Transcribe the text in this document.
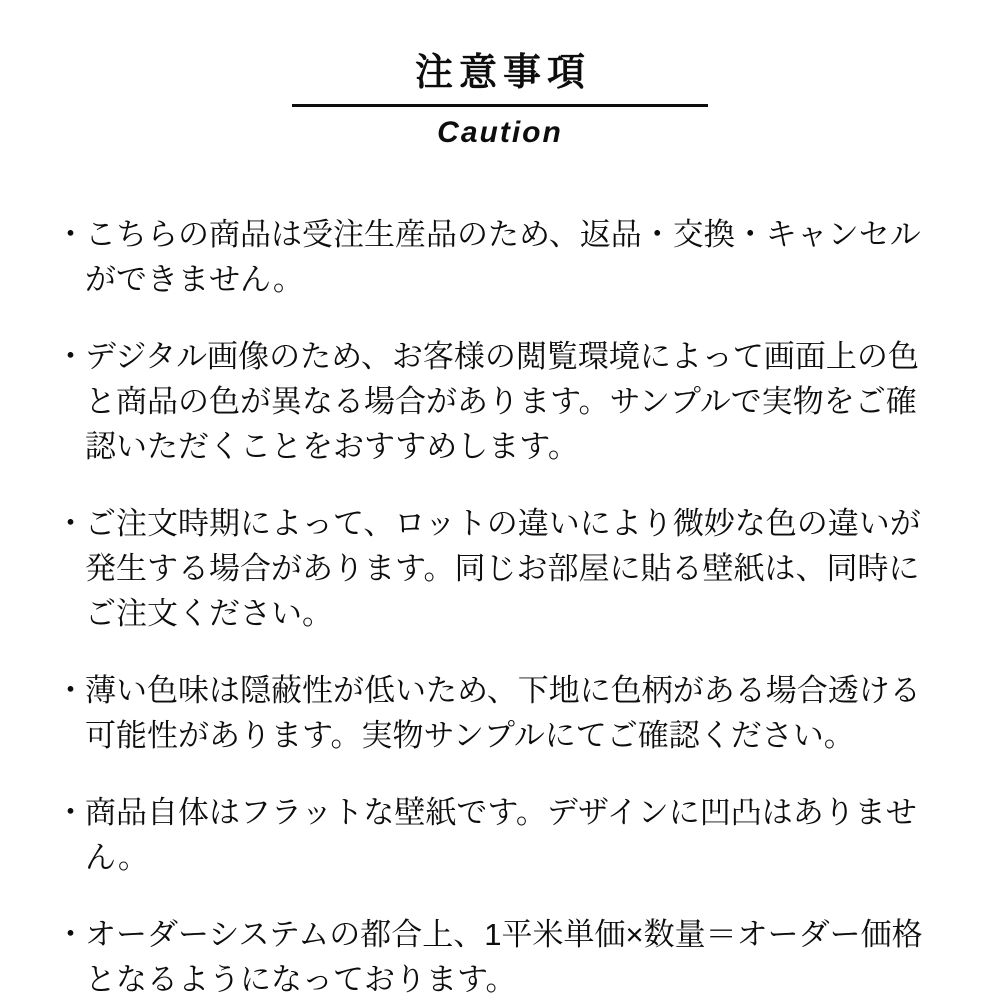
注意事項
Caution
・ こちらの商品は受注生産品のため、返品・交換・キャンセルができません。
・ デジタル画像のため、お客様の閲覧環境によって画面上の色と商品の色が異なる場合があります。サンプルで実物をご確認いただくことをおすすめします。
・ ご注文時期によって、ロットの違いにより微妙な色の違いが発生する場合があります。同じお部屋に貼る壁紙は、同時にご注文ください。
・ 薄い色味は隠蔽性が低いため、下地に色柄がある場合透ける可能性があります。実物サンプルにてご確認ください。
・ 商品自体はフラットな壁紙です。デザインに凹凸はありません。
・ オーダーシステムの都合上、1平米単価×数量＝オーダー価格となるようになっております。
